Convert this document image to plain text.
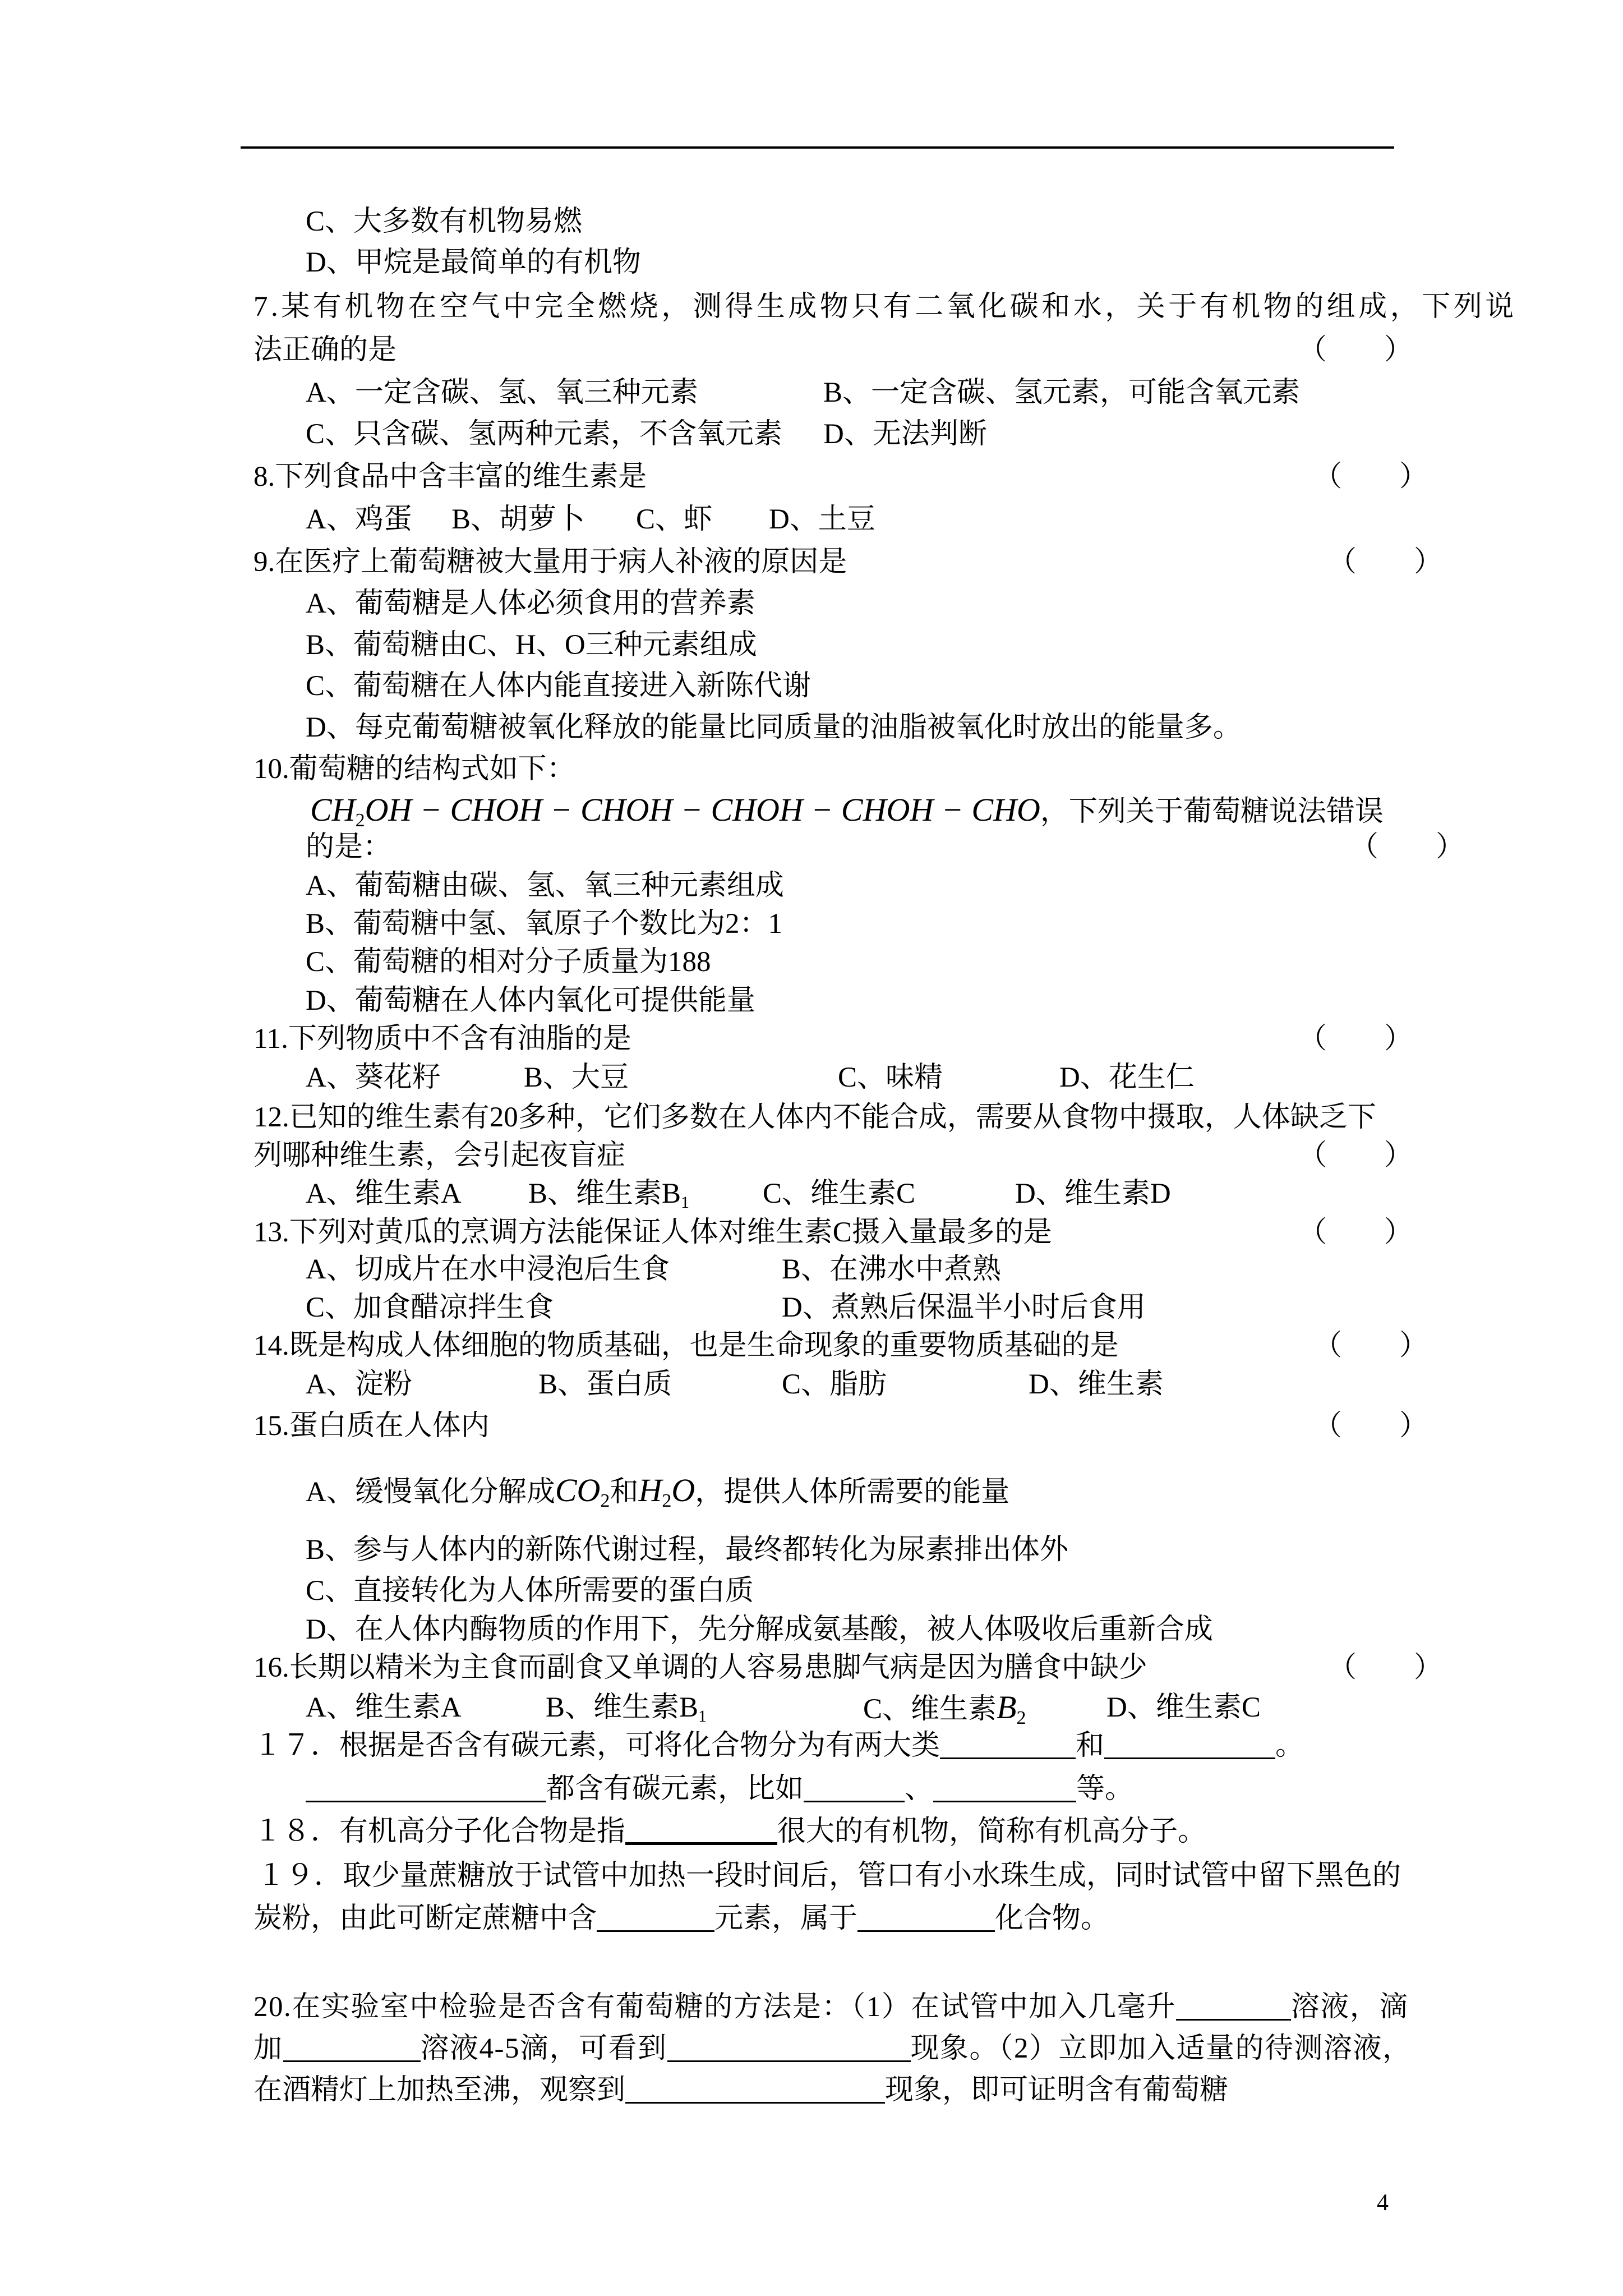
C、大多数有机物易燃
D、甲烷是最简单的有机物
7.某有机物在空气中完全燃烧，测得生成物只有二氧化碳和水，关于有机物的组成，下列说
法正确的是	（　　）
A、一定含碳、氢、氧三种元素	B、一定含碳、氢元素，可能含氧元素
C、只含碳、氢两种元素，不含氧元素 D、无法判断
8.下列食品中含丰富的维生素是	（　　）
A、鸡蛋 B、胡萝卜 C、虾 D、土豆
9.在医疗上葡萄糖被大量用于病人补液的原因是	（　　）
A、葡萄糖是人体必须食用的营养素
B、葡萄糖由C、H、O三种元素组成
C、葡萄糖在人体内能直接进入新陈代谢
D、每克葡萄糖被氧化释放的能量比同质量的油脂被氧化时放出的能量多。
10.葡萄糖的结构式如下：
CH2OH − CHOH − CHOH − CHOH − CHOH − CHO，下列关于葡萄糖说法错误
的是：	（　　）
A、葡萄糖由碳、氢、氧三种元素组成
B、葡萄糖中氢、氧原子个数比为2：1
C、葡萄糖的相对分子质量为188
D、葡萄糖在人体内氧化可提供能量
11.下列物质中不含有油脂的是	（　　）
A、葵花籽	B、大豆	C、味精	D、花生仁
12.已知的维生素有20多种，它们多数在人体内不能合成，需要从食物中摄取，人体缺乏下
列哪种维生素，会引起夜盲症	（　　）
A、维生素A B、维生素B1	C、维生素C	D、维生素D
13.下列对黄瓜的烹调方法能保证人体对维生素C摄入量最多的是	（　　）
A、切成片在水中浸泡后生食	B、在沸水中煮熟
C、加食醋凉拌生食	D、煮熟后保温半小时后食用
14.既是构成人体细胞的物质基础，也是生命现象的重要物质基础的是	（　　）
A、淀粉	B、蛋白质	C、脂肪	D、维生素
15.蛋白质在人体内	（　　）
A、缓慢氧化分解成CO2和H2O，提供人体所需要的能量
B、参与人体内的新陈代谢过程，最终都转化为尿素排出体外
C、直接转化为人体所需要的蛋白质
D、在人体内酶物质的作用下，先分解成氨基酸，被人体吸收后重新合成
16.长期以精米为主食而副食又单调的人容易患脚气病是因为膳食中缺少	（　　）
A、维生素A	B、维生素B1	C、维生素B2	D、维生素C
１７．根据是否含有碳元素，可将化合物分为有两大类	和	。
都含有碳元素，比如	、	等。
１８．有机高分子化合物是指	很大的有机物，简称有机高分子。
１９．取少量蔗糖放于试管中加热一段时间后，管口有小水珠生成，同时试管中留下黑色的
炭粉，由此可断定蔗糖中含	元素，属于	化合物。
20.在实验室中检验是否含有葡萄糖的方法是：（1）在试管中加入几毫升	溶液，滴
加	溶液4-5滴，可看到	现象。（2）立即加入适量的待测溶液，
在酒精灯上加热至沸，观察到	现象，即可证明含有葡萄糖
4
